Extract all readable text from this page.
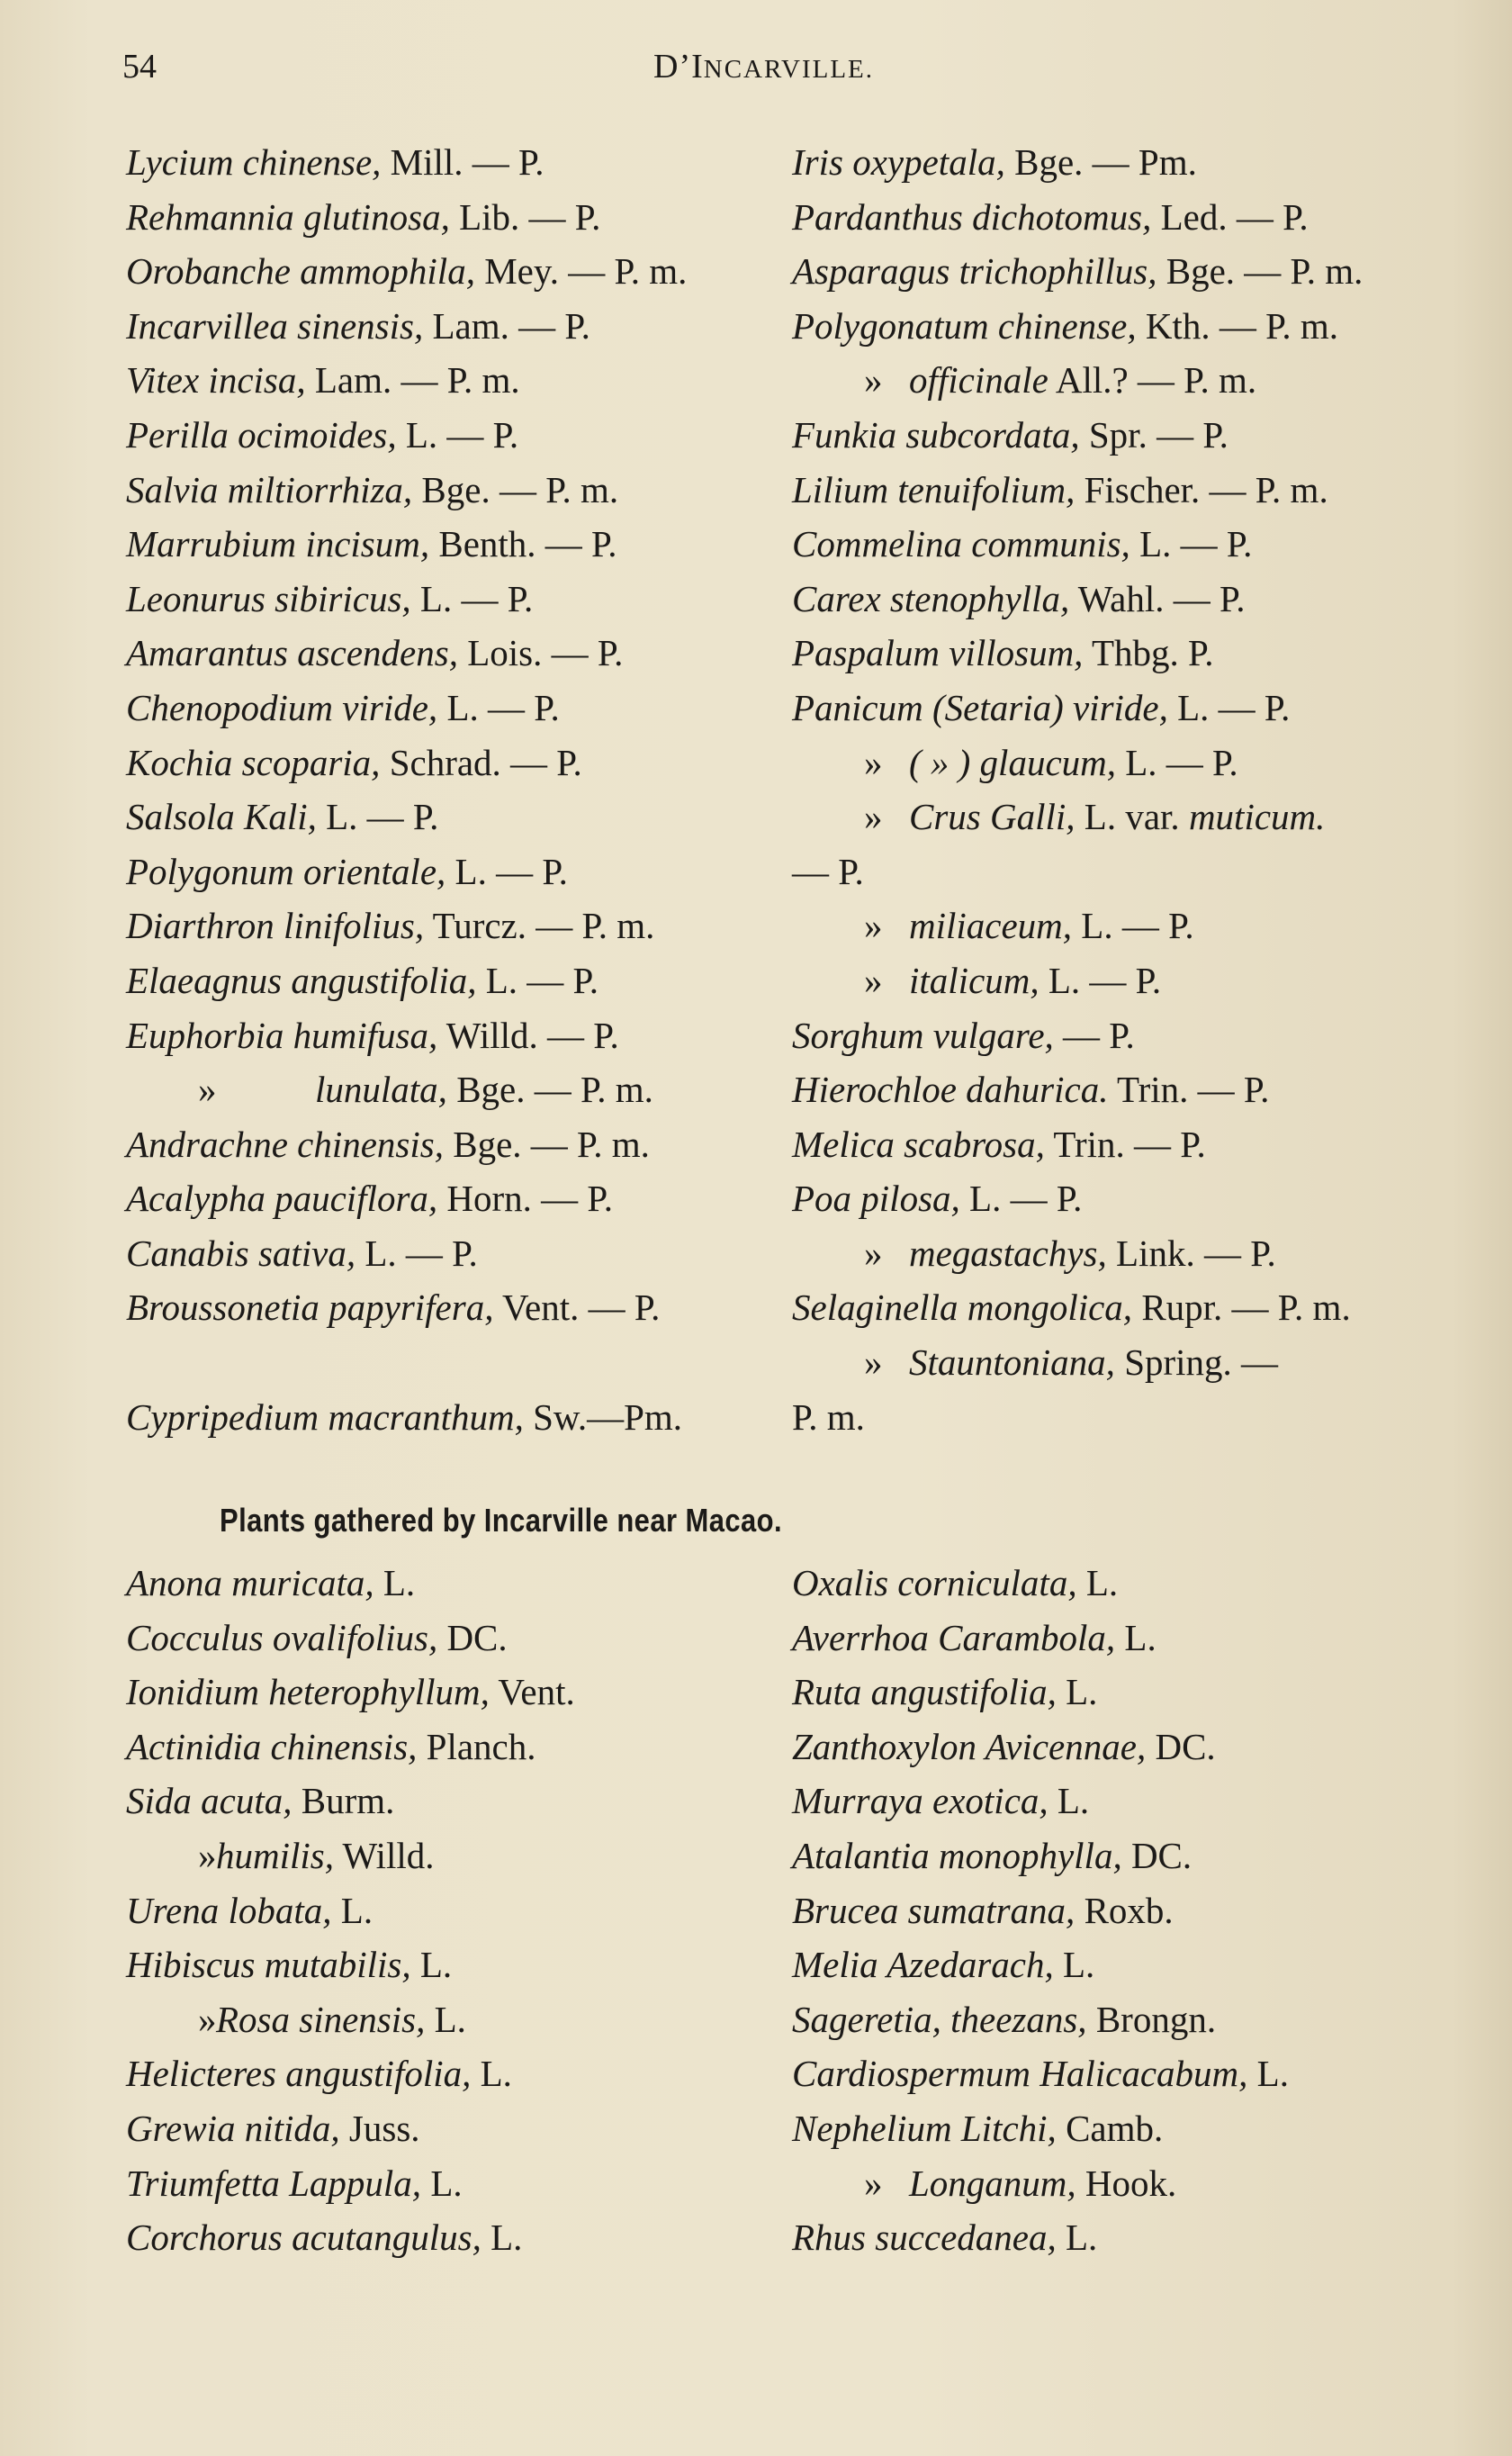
54	D’INCARVILLE.
Lycium chinense, Mill. — P.
Rehmannia glutinosa, Lib. — P.
Orobanche ammophila, Mey. — P. m.
Incarvillea sinensis, Lam. — P.
Vitex incisa, Lam. — P. m.
Perilla ocimoides, L. — P.
Salvia miltiorrhiza, Bge. — P. m.
Marrubium incisum, Benth. — P.
Leonurus sibiricus, L. — P.
Amarantus ascendens, Lois. — P.
Chenopodium viride, L. — P.
Kochia scoparia, Schrad. — P.
Salsola Kali, L. — P.
Polygonum orientale, L. — P.
Diarthron linifolius, Turcz. — P. m.
Elaeagnus angustifolia, L. — P.
Euphorbia humifusa, Willd. — P.
»	lunulata, Bge. — P. m.
Andrachne chinensis, Bge. — P. m.
Acalypha pauciflora, Horn. — P.
Canabis sativa, L. — P.
Broussonetia papyrifera, Vent. — P.
Cypripedium macranthum, Sw.—Pm.
Iris oxypetala, Bge. — Pm.
Pardanthus dichotomus, Led. — P.
Asparagus trichophillus, Bge. — P. m.
Polygonatum chinense, Kth. — P. m.
» officinale All.? — P. m.
Funkia subcordata, Spr. — P.
Lilium tenuifolium, Fischer. — P. m.
Commelina communis, L. — P.
Carex stenophylla, Wahl. — P.
Paspalum villosum, Thbg. P.
Panicum (Setaria) viride, L. — P.
» ( » ) glaucum, L. — P.
» Crus Galli, L. var. muticum.
— P.
» miliaceum, L. — P.
» italicum, L. — P.
Sorghum vulgare, — P.
Hierochloe dahurica. Trin. — P.
Melica scabrosa, Trin. — P.
Poa pilosa, L. — P.
» megastachys, Link. — P.
Selaginella mongolica, Rupr. — P. m.
» Stauntoniana, Spring. —
P. m.
Plants gathered by Incarville near Macao.
Anona muricata, L.
Cocculus ovalifolius, DC.
Ionidium heterophyllum, Vent.
Actinidia chinensis, Planch.
Sida acuta, Burm.
»humilis, Willd.
Urena lobata, L.
Hibiscus mutabilis, L.
»Rosa sinensis, L.
Helicteres angustifolia, L.
Grewia nitida, Juss.
Triumfetta Lappula, L.
Corchorus acutangulus, L.
Oxalis corniculata, L.
Averrhoa Carambola, L.
Ruta angustifolia, L.
Zanthoxylon Avicennae, DC.
Murraya exotica, L.
Atalantia monophylla, DC.
Brucea sumatrana, Roxb.
Melia Azedarach, L.
Sageretia, theezans, Brongn.
Cardiospermum Halicacabum, L.
Nephelium Litchi, Camb.
» Longanum, Hook.
Rhus succedanea, L.
